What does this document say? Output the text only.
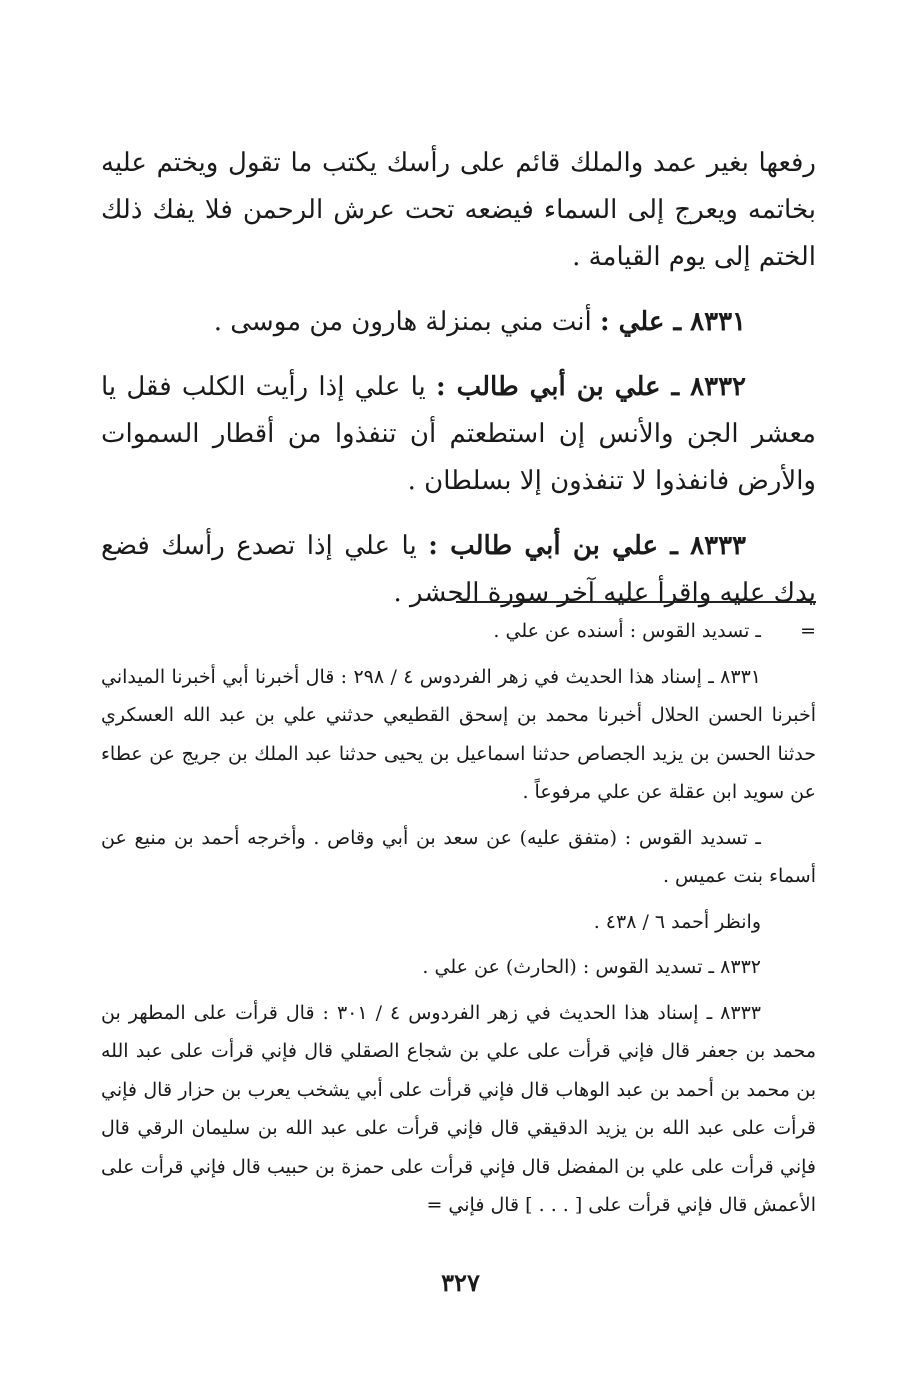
رفعها بغير عمد والملك قائم على رأسك يكتب ما تقول ويختم عليه بخاتمه ويعرج إلى السماء فيضعه تحت عرش الرحمن فلا يفك ذلك الختم إلى يوم القيامة .

٨٣٣١ ـ علي : أنت مني بمنزلة هارون من موسى .

٨٣٣٢ ـ علي بن أبي طالب : يا علي إذا رأيت الكلب فقل يا معشر الجن والأنس إن استطعتم أن تنفذوا من أقطار السموات والأرض فانفذوا لا تنفذون إلا بسلطان .

٨٣٣٣ ـ علي بن أبي طالب : يا علي إذا تصدع رأسك فضع يدك عليه واقرأ عليه آخر سورة الحشر .

=ـ تسديد القوس : أسنده عن علي .

٨٣٣١ ـ إسناد هذا الحديث في زهر الفردوس ٤ / ٢٩٨ : قال أخبرنا أبي أخبرنا الميداني أخبرنا الحسن الحلال أخبرنا محمد بن إسحق القطيعي حدثني علي بن عبد الله العسكري حدثنا الحسن بن يزيد الجصاص حدثنا اسماعيل بن يحيى حدثنا عبد الملك بن جريج عن عطاء عن سويد ابن عقلة عن علي مرفوعاً .

ـ تسديد القوس : (متفق عليه) عن سعد بن أبي وقاص . وأخرجه أحمد بن منيع عن أسماء بنت عميس .

وانظر أحمد ٦ / ٤٣٨ .

٨٣٣٢ ـ تسديد القوس : (الحارث) عن علي .

٨٣٣٣ ـ إسناد هذا الحديث في زهر الفردوس ٤ / ٣٠١ : قال قرأت على المطهر بن محمد بن جعفر قال فإني قرأت على علي بن شجاع الصقلي قال فإني قرأت على عبد الله بن محمد بن أحمد بن عبد الوهاب قال فإني قرأت على أبي يشخب يعرب بن حزار قال فإني قرأت على عبد الله بن يزيد الدقيقي قال فإني قرأت على عبد الله بن سليمان الرقي قال فإني قرأت على علي بن المفضل قال فإني قرأت على حمزة بن حبيب قال فإني قرأت على الأعمش قال فإني قرأت على [ . . . ] قال فإني =

٣٢٧
